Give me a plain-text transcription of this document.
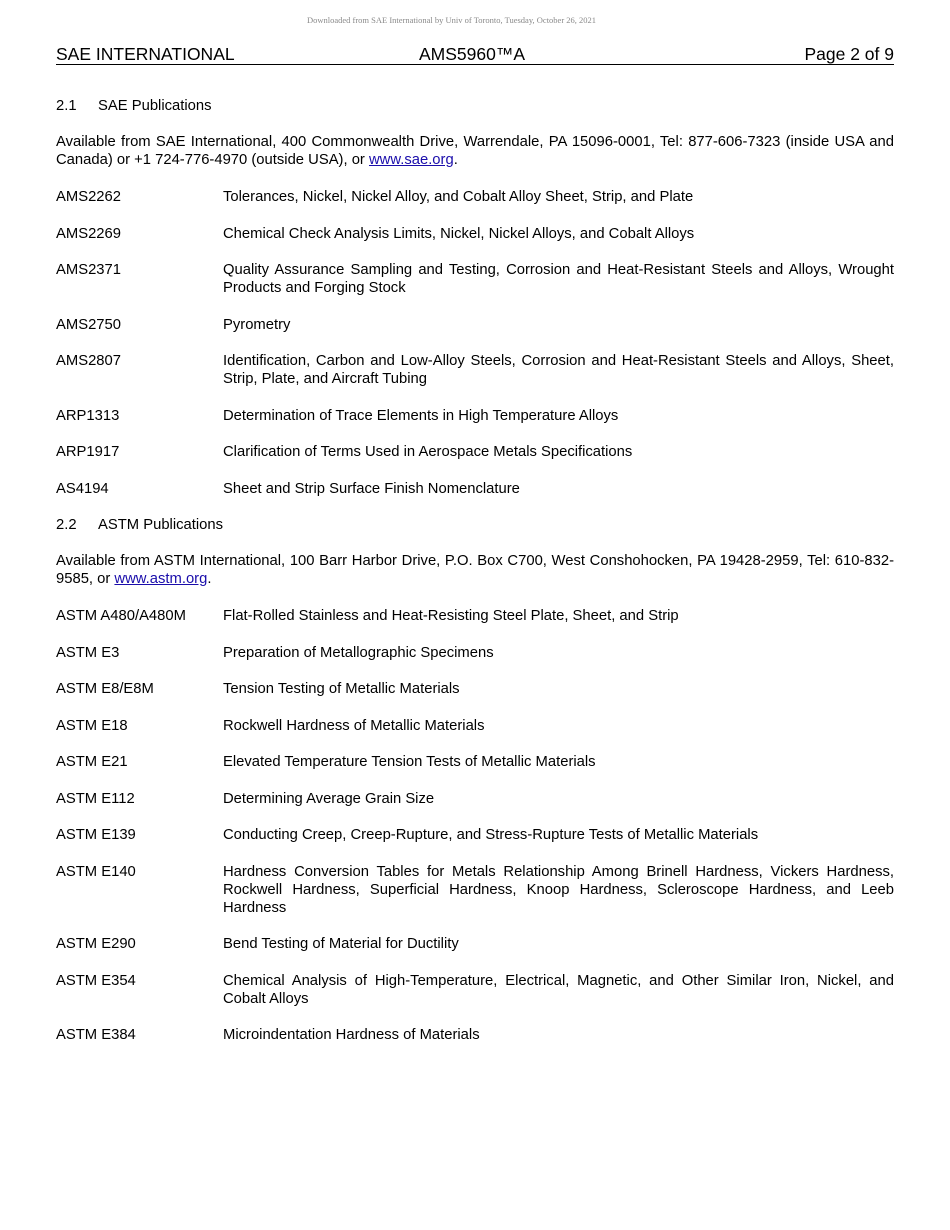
Downloaded from SAE International by Univ of Toronto, Tuesday, October 26, 2021
SAE INTERNATIONAL	AMS5960™A	Page 2 of 9
2.1 SAE Publications
Available from SAE International, 400 Commonwealth Drive, Warrendale, PA 15096-0001, Tel: 877-606-7323 (inside USA and Canada) or +1 724-776-4970 (outside USA), or www.sae.org.
AMS2262	Tolerances, Nickel, Nickel Alloy, and Cobalt Alloy Sheet, Strip, and Plate
AMS2269	Chemical Check Analysis Limits, Nickel, Nickel Alloys, and Cobalt Alloys
AMS2371	Quality Assurance Sampling and Testing, Corrosion and Heat-Resistant Steels and Alloys, Wrought Products and Forging Stock
AMS2750	Pyrometry
AMS2807	Identification, Carbon and Low-Alloy Steels, Corrosion and Heat-Resistant Steels and Alloys, Sheet, Strip, Plate, and Aircraft Tubing
ARP1313	Determination of Trace Elements in High Temperature Alloys
ARP1917	Clarification of Terms Used in Aerospace Metals Specifications
AS4194	Sheet and Strip Surface Finish Nomenclature
2.2 ASTM Publications
Available from ASTM International, 100 Barr Harbor Drive, P.O. Box C700, West Conshohocken, PA 19428-2959, Tel: 610-832-9585, or www.astm.org.
ASTM A480/A480M	Flat-Rolled Stainless and Heat-Resisting Steel Plate, Sheet, and Strip
ASTM E3	Preparation of Metallographic Specimens
ASTM E8/E8M	Tension Testing of Metallic Materials
ASTM E18	Rockwell Hardness of Metallic Materials
ASTM E21	Elevated Temperature Tension Tests of Metallic Materials
ASTM E112	Determining Average Grain Size
ASTM E139	Conducting Creep, Creep-Rupture, and Stress-Rupture Tests of Metallic Materials
ASTM E140	Hardness Conversion Tables for Metals Relationship Among Brinell Hardness, Vickers Hardness, Rockwell Hardness, Superficial Hardness, Knoop Hardness, Scleroscope Hardness, and Leeb Hardness
ASTM E290	Bend Testing of Material for Ductility
ASTM E354	Chemical Analysis of High-Temperature, Electrical, Magnetic, and Other Similar Iron, Nickel, and Cobalt Alloys
ASTM E384	Microindentation Hardness of Materials
